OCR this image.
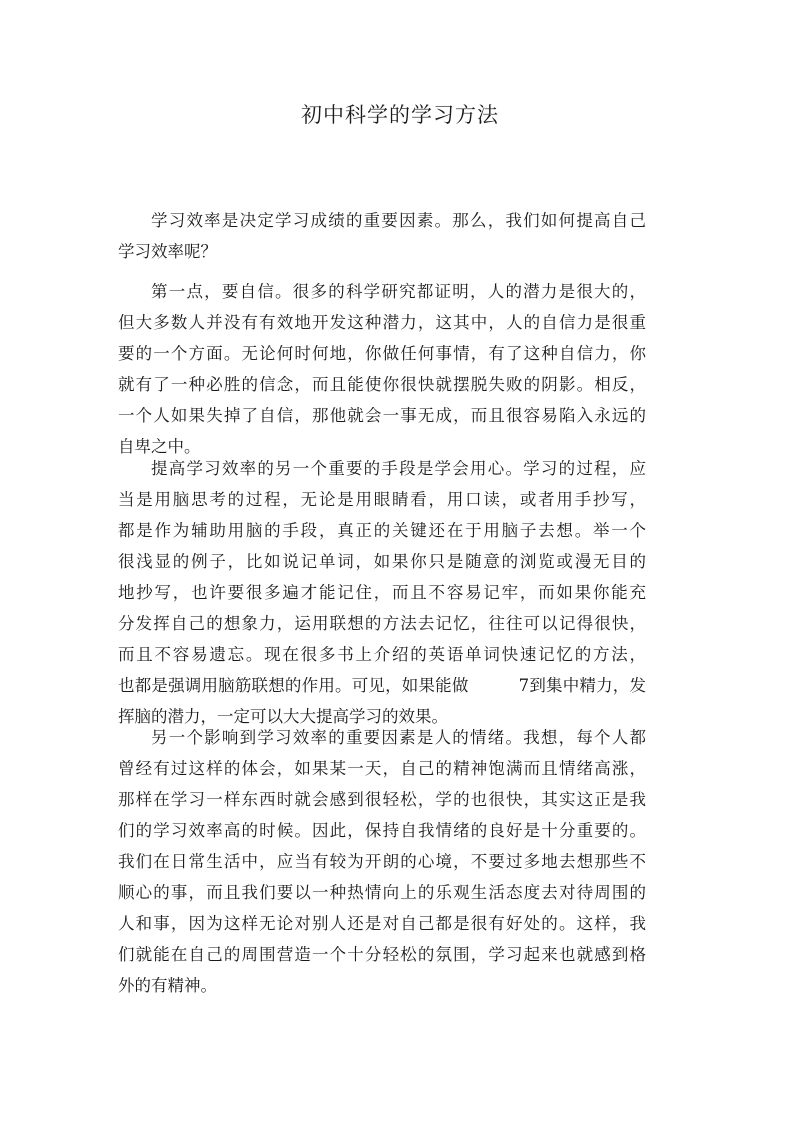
初中科学的学习方法
学习效率是决定学习成绩的重要因素。那么，我们如何提高自己
学习效率呢？
第一点，要自信。很多的科学研究都证明，人的潜力是很大的，
但大多数人并没有有效地开发这种潜力，这其中，人的自信力是很重
要的一个方面。无论何时何地，你做任何事情，有了这种自信力，你
就有了一种必胜的信念，而且能使你很快就摆脱失败的阴影。相反，
一个人如果失掉了自信，那他就会一事无成，而且很容易陷入永远的
自卑之中。
提高学习效率的另一个重要的手段是学会用心。学习的过程，应
当是用脑思考的过程，无论是用眼睛看，用口读，或者用手抄写，
都是作为辅助用脑的手段，真正的关键还在于用脑子去想。举一个
很浅显的例子，比如说记单词，如果你只是随意的浏览或漫无目的
地抄写，也许要很多遍才能记住，而且不容易记牢，而如果你能充
分发挥自己的想象力，运用联想的方法去记忆，往往可以记得很快，
而且不容易遗忘。现在很多书上介绍的英语单词快速记忆的方法，
也都是强调用脑筋联想的作用。可见，如果能做　　　7到集中精力，发
挥脑的潜力，一定可以大大提高学习的效果。
另一个影响到学习效率的重要因素是人的情绪。我想，每个人都
曾经有过这样的体会，如果某一天，自己的精神饱满而且情绪高涨，
那样在学习一样东西时就会感到很轻松，学的也很快，其实这正是我
们的学习效率高的时候。因此，保持自我情绪的良好是十分重要的。
我们在日常生活中，应当有较为开朗的心境，不要过多地去想那些不
顺心的事，而且我们要以一种热情向上的乐观生活态度去对待周围的
人和事，因为这样无论对别人还是对自己都是很有好处的。这样，我
们就能在自己的周围营造一个十分轻松的氛围，学习起来也就感到格
外的有精神。
